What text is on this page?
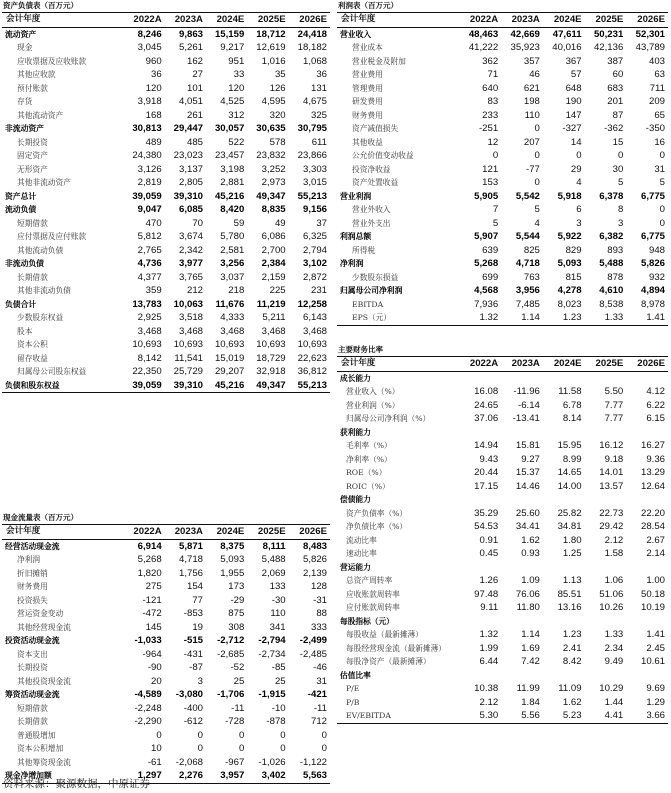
资产负债表（百万元）
会计年度	2022A	2023A	2024E	2025E	2026E
流动资产	8,246	9,863	15,159	18,712	24,418
现金	3,045	5,261	9,217	12,619	18,182
应收票据及应收账款	960	162	951	1,016	1,068
其他应收款	36	27	33	35	36
预付账款	120	101	120	126	131
存货	3,918	4,051	4,525	4,595	4,675
其他流动资产	168	261	312	320	325
非流动资产	30,813	29,447	30,057	30,635	30,795
长期投资	489	485	522	578	611
固定资产	24,380	23,023	23,457	23,832	23,866
无形资产	3,126	3,137	3,198	3,252	3,303
其他非流动资产	2,819	2,805	2,881	2,973	3,015
资产总计	39,059	39,310	45,216	49,347	55,213
流动负债	9,047	6,085	8,420	8,835	9,156
短期借款	470	70	59	49	37
应付票据及应付账款	5,812	3,674	5,780	6,086	6,325
其他流动负债	2,765	2,342	2,581	2,700	2,794
非流动负债	4,736	3,977	3,256	2,384	3,102
长期借款	4,377	3,765	3,037	2,159	2,872
其他非流动负债	359	212	218	225	231
负债合计	13,783	10,063	11,676	11,219	12,258
少数股东权益	2,925	3,518	4,333	5,211	6,143
股本	3,468	3,468	3,468	3,468	3,468
资本公积	10,693	10,693	10,693	10,693	10,693
留存收益	8,142	11,541	15,019	18,729	22,623
归属母公司股东权益	22,350	25,729	29,207	32,918	36,812
负债和股东权益	39,059	39,310	45,216	49,347	55,213
利润表（百万元）
会计年度	2022A	2023A	2024E	2025E	2026E
营业收入	48,463	42,669	47,611	50,231	52,301
营业成本	41,222	35,923	40,016	42,136	43,789
营业税金及附加	362	357	367	387	403
营业费用	71	46	57	60	63
管理费用	640	621	648	683	711
研发费用	83	198	190	201	209
财务费用	233	110	147	87	65
资产减值损失	-251	0	-327	-362	-350
其他收益	12	207	14	15	16
公允价值变动收益	0	0	0	0	0
投资净收益	121	-77	29	30	31
资产处置收益	153	0	4	5	5
营业利润	5,905	5,542	5,918	6,378	6,775
营业外收入	7	5	6	8	0
营业外支出	5	4	3	3	0
利润总额	5,907	5,544	5,922	6,382	6,775
所得税	639	825	829	893	948
净利润	5,268	4,718	5,093	5,488	5,826
少数股东损益	699	763	815	878	932
归属母公司净利润	4,568	3,956	4,278	4,610	4,894
EBITDA	7,936	7,485	8,023	8,538	8,978
EPS（元）	1.32	1.14	1.23	1.33	1.41
现金流量表（百万元）
会计年度	2022A	2023A	2024E	2025E	2026E
经营活动现金流	6,914	5,871	8,375	8,111	8,483
净利润	5,268	4,718	5,093	5,488	5,826
折旧摊销	1,820	1,756	1,955	2,069	2,139
财务费用	275	154	173	133	128
投资损失	-121	77	-29	-30	-31
营运资金变动	-472	-853	875	110	88
其他经营现金流	145	19	308	341	333
投资活动现金流	-1,033	-515	-2,712	-2,794	-2,499
资本支出	-964	-431	-2,685	-2,734	-2,485
长期投资	-90	-87	-52	-85	-46
其他投资现金流	20	3	25	25	31
筹资活动现金流	-4,589	-3,080	-1,706	-1,915	-421
短期借款	-2,248	-400	-11	-10	-11
长期借款	-2,290	-612	-728	-878	712
普通股增加	0	0	0	0	0
资本公积增加	10	0	0	0	0
其他筹资现金流	-61	-2,068	-967	-1,026	-1,122
现金净增加额	1,297	2,276	3,957	3,402	5,563
主要财务比率
会计年度	2022A	2023A	2024E	2025E	2026E
成长能力					
营业收入（%）	16.08	-11.96	11.58	5.50	4.12
营业利润（%）	24.65	-6.14	6.78	7.77	6.22
归属母公司净利润（%）	37.06	-13.41	8.14	7.77	6.15
获利能力					
毛利率（%）	14.94	15.81	15.95	16.12	16.27
净利率（%）	9.43	9.27	8.99	9.18	9.36
ROE（%）	20.44	15.37	14.65	14.01	13.29
ROIC（%）	17.15	14.46	14.00	13.57	12.64
偿债能力					
资产负债率（%）	35.29	25.60	25.82	22.73	22.20
净负债比率（%）	54.53	34.41	34.81	29.42	28.54
流动比率	0.91	1.62	1.80	2.12	2.67
速动比率	0.45	0.93	1.25	1.58	2.14
营运能力					
总资产周转率	1.26	1.09	1.13	1.06	1.00
应收账款周转率	97.48	76.06	85.51	51.06	50.18
应付账款周转率	9.11	11.80	13.16	10.26	10.19
每股指标（元）					
每股收益（最新摊薄）	1.32	1.14	1.23	1.33	1.41
每股经营现金流（最新摊薄）	1.99	1.69	2.41	2.34	2.45
每股净资产（最新摊薄）	6.44	7.42	8.42	9.49	10.61
估值比率					
P/E	10.38	11.99	11.09	10.29	9.69
P/B	2.12	1.84	1.62	1.44	1.29
EV/EBITDA	5.30	5.56	5.23	4.41	3.66
资料来源：聚源数据，中原证券
